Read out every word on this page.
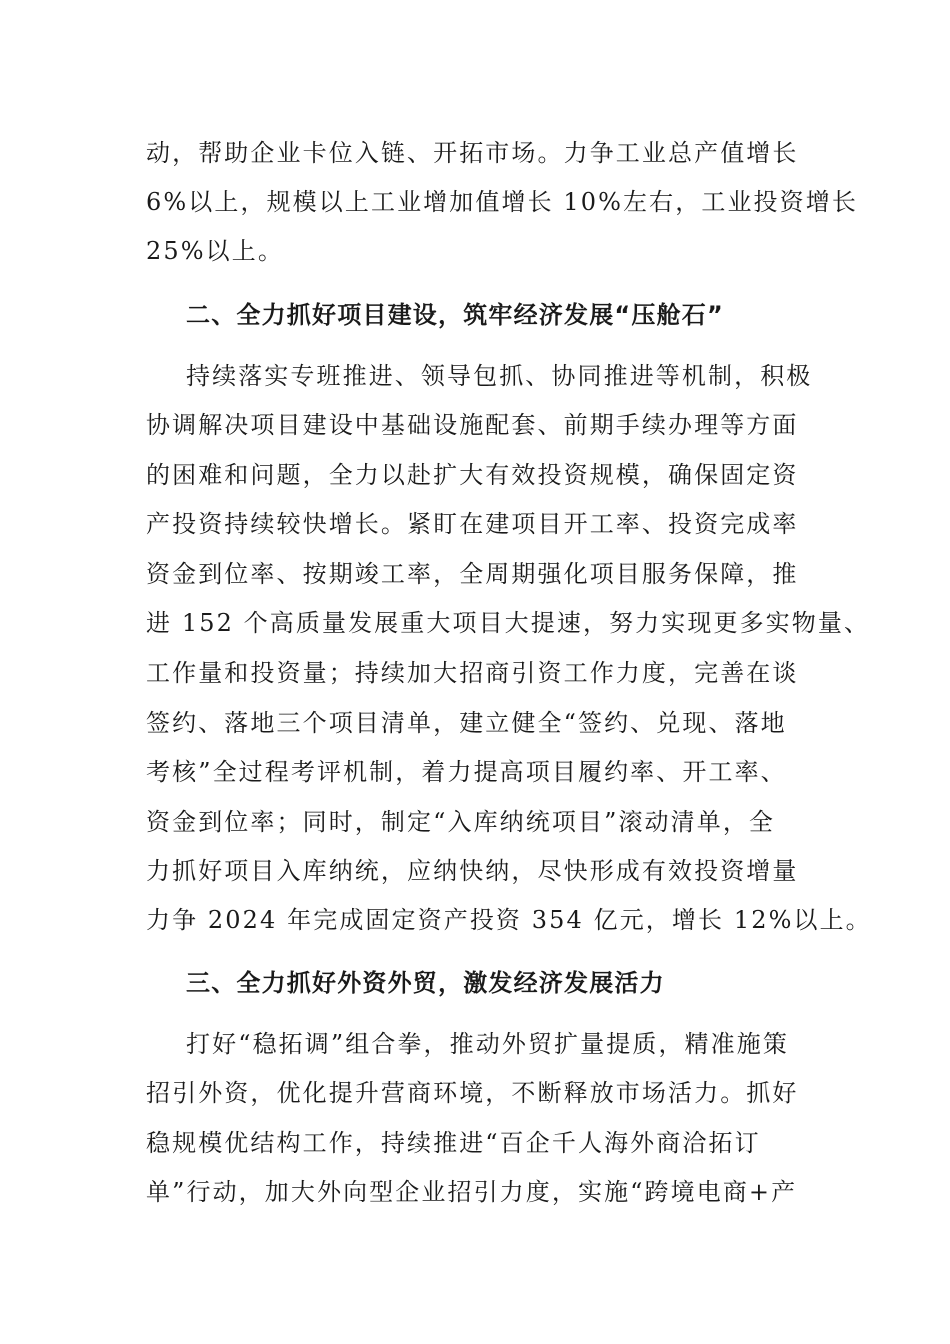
动，帮助企业卡位入链、开拓市场。力争工业总产值增长
6%以上，规模以上工业增加值增长 10%左右，工业投资增长
25%以上。
二、全力抓好项目建设，筑牢经济发展“压舱石”
持续落实专班推进、领导包抓、协同推进等机制，积极
协调解决项目建设中基础设施配套、前期手续办理等方面
的困难和问题，全力以赴扩大有效投资规模，确保固定资
产投资持续较快增长。紧盯在建项目开工率、投资完成率
资金到位率、按期竣工率，全周期强化项目服务保障，推
进 152 个高质量发展重大项目大提速，努力实现更多实物量、
工作量和投资量；持续加大招商引资工作力度，完善在谈
签约、落地三个项目清单，建立健全“签约、兑现、落地
考核”全过程考评机制，着力提高项目履约率、开工率、
资金到位率；同时，制定“入库纳统项目”滚动清单，全
力抓好项目入库纳统，应纳快纳，尽快形成有效投资增量
力争 2024 年完成固定资产投资 354 亿元，增长 12%以上。
三、全力抓好外资外贸，激发经济发展活力
打好“稳拓调”组合拳，推动外贸扩量提质，精准施策
招引外资，优化提升营商环境，不断释放市场活力。抓好
稳规模优结构工作，持续推进“百企千人海外商洽拓订
单”行动，加大外向型企业招引力度，实施“跨境电商+产
